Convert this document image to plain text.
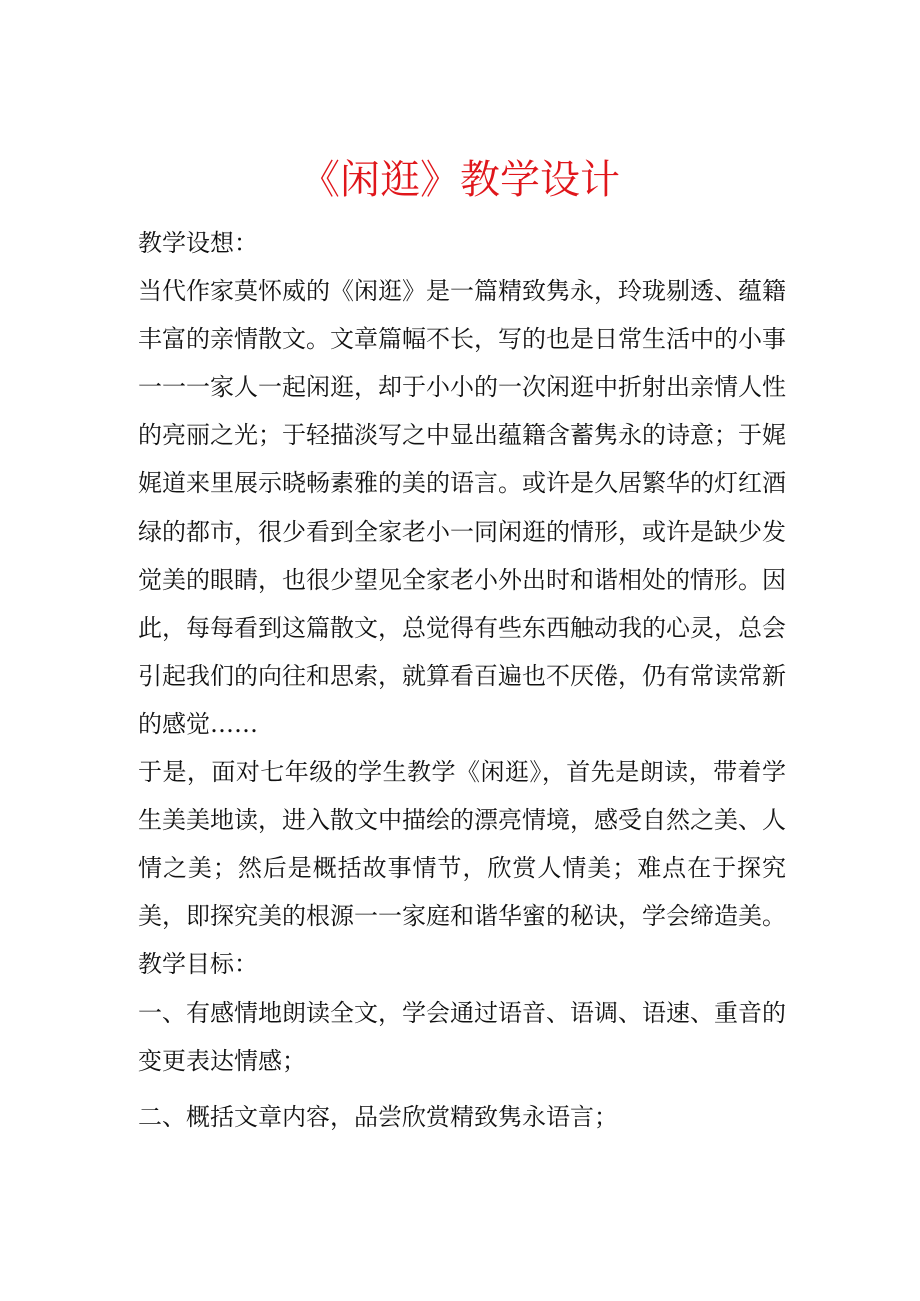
《闲逛》教学设计

教学设想：

当代作家莫怀威的《闲逛》是一篇精致隽永，玲珑剔透、蕴籍丰富的亲情散文。文章篇幅不长，写的也是日常生活中的小事一一一家人一起闲逛，却于小小的一次闲逛中折射出亲情人性的亮丽之光；于轻描淡写之中显出蕴籍含蓄隽永的诗意；于娓娓道来里展示晓畅素雅的美的语言。或许是久居繁华的灯红酒绿的都市，很少看到全家老小一同闲逛的情形，或许是缺少发觉美的眼睛，也很少望见全家老小外出时和谐相处的情形。因此，每每看到这篇散文，总觉得有些东西触动我的心灵，总会引起我们的向往和思索，就算看百遍也不厌倦，仍有常读常新的感觉……

于是，面对七年级的学生教学《闲逛》，首先是朗读，带着学生美美地读，进入散文中描绘的漂亮情境，感受自然之美、人情之美；然后是概括故事情节，欣赏人情美；难点在于探究美，即探究美的根源一一家庭和谐华蜜的秘诀，学会缔造美。

教学目标：

一、有感情地朗读全文，学会通过语音、语调、语速、重音的变更表达情感；

二、概括文章内容，品尝欣赏精致隽永语言；
